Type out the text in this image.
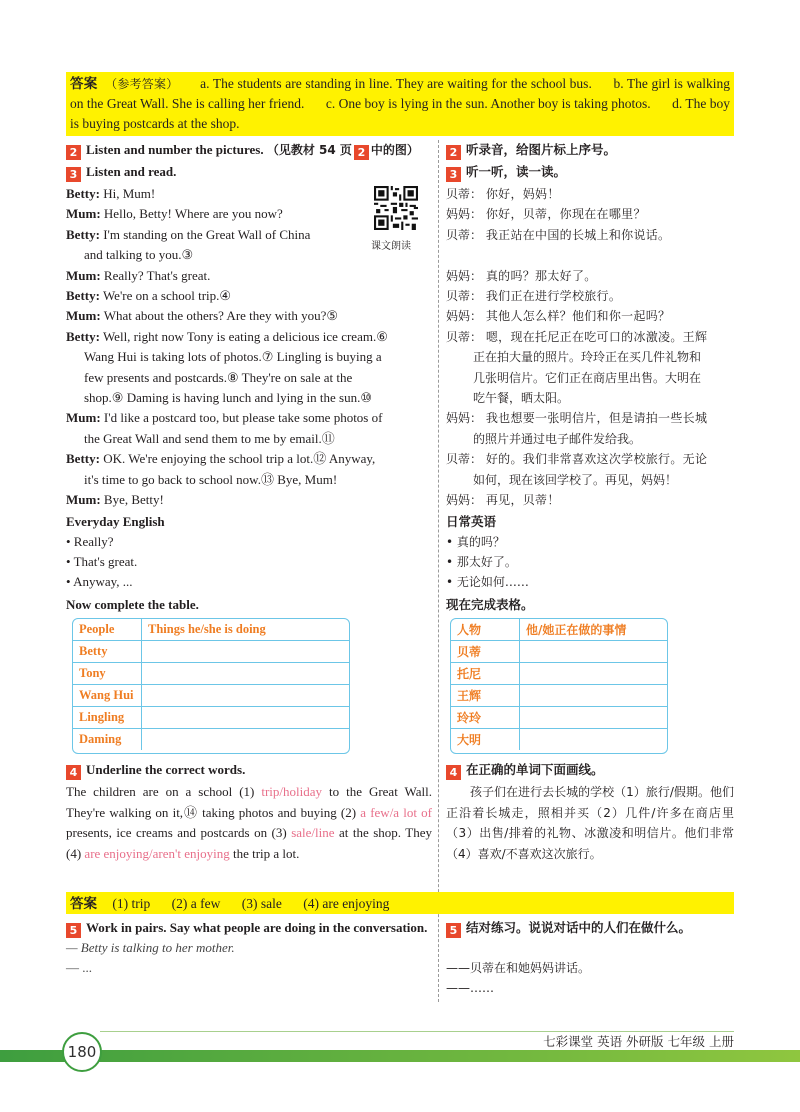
答案 （参考答案） a. The students are standing in line. They are waiting for the school bus. b. The girl is walking on the Great Wall. She is calling her friend. c. One boy is lying in the sun. Another boy is taking photos. d. The boy is buying postcards at the shop.
2 Listen and number the pictures. （见教材 54 页 2 中的图）
3 Listen and read.
Betty: Hi, Mum!
Mum: Hello, Betty! Where are you now?
Betty: I'm standing on the Great Wall of China
and talking to you.③
Mum: Really? That's great.
Betty: We're on a school trip.④
Mum: What about the others? Are they with you?⑤
Betty: Well, right now Tony is eating a delicious ice cream.⑥
Wang Hui is taking lots of photos.⑦ Lingling is buying a
few presents and postcards.⑧ They're on sale at the
shop.⑨ Daming is having lunch and lying in the sun.⑩
Mum: I'd like a postcard too, but please take some photos of
the Great Wall and send them to me by email.⑪
Betty: OK. We're enjoying the school trip a lot.⑫ Anyway,
it's time to go back to school now.⑬ Bye, Mum!
Mum: Bye, Betty!
Everyday English
• Really?
• That's great.
• Anyway, ...
Now complete the table.
课文朗读
People	Things he/she is doing
Betty	
Tony	
Wang Hui	
Lingling	
Daming	
4 Underline the correct words.
The children are on a school (1) trip/holiday to the Great Wall. They're walking on it,⑭ taking photos and buying (2) a few/a lot of presents, ice creams and postcards on (3) sale/line at the shop. They (4) are enjoying/aren't enjoying the trip a lot.
2 听录音，给图片标上序号。
3 听一听，读一读。
贝蒂： 你好，妈妈！
妈妈： 你好，贝蒂，你现在在哪里？
贝蒂： 我正站在中国的长城上和你说话。

妈妈： 真的吗？那太好了。
贝蒂： 我们正在进行学校旅行。
妈妈： 其他人怎么样？他们和你一起吗？
贝蒂： 嗯，现在托尼正在吃可口的冰激凌。王辉
正在拍大量的照片。玲玲正在买几件礼物和
几张明信片。它们正在商店里出售。大明在
吃午餐，晒太阳。
妈妈： 我也想要一张明信片，但是请拍一些长城
的照片并通过电子邮件发给我。
贝蒂： 好的。我们非常喜欢这次学校旅行。无论
如何，现在该回学校了。再见，妈妈！
妈妈： 再见，贝蒂！
日常英语
• 真的吗？
• 那太好了。
• 无论如何……
现在完成表格。
人物	他/她正在做的事情
贝蒂	
托尼	
王辉	
玲玲	
大明	
4 在正确的单词下面画线。
孩子们在进行去长城的学校（1）旅行/假期。他们正沿着长城走，照相并买（2）几件/许多在商店里（3）出售/排着的礼物、冰激凌和明信片。他们非常（4）喜欢/不喜欢这次旅行。
答案 (1) trip (2) a few (3) sale (4) are enjoying
5 Work in pairs. Say what people are doing in the conversation.
— Betty is talking to her mother.
— ...
5 结对练习。说说对话中的人们在做什么。
——贝蒂在和她妈妈讲话。
——……
180
七彩课堂 英语 外研版 七年级 上册
